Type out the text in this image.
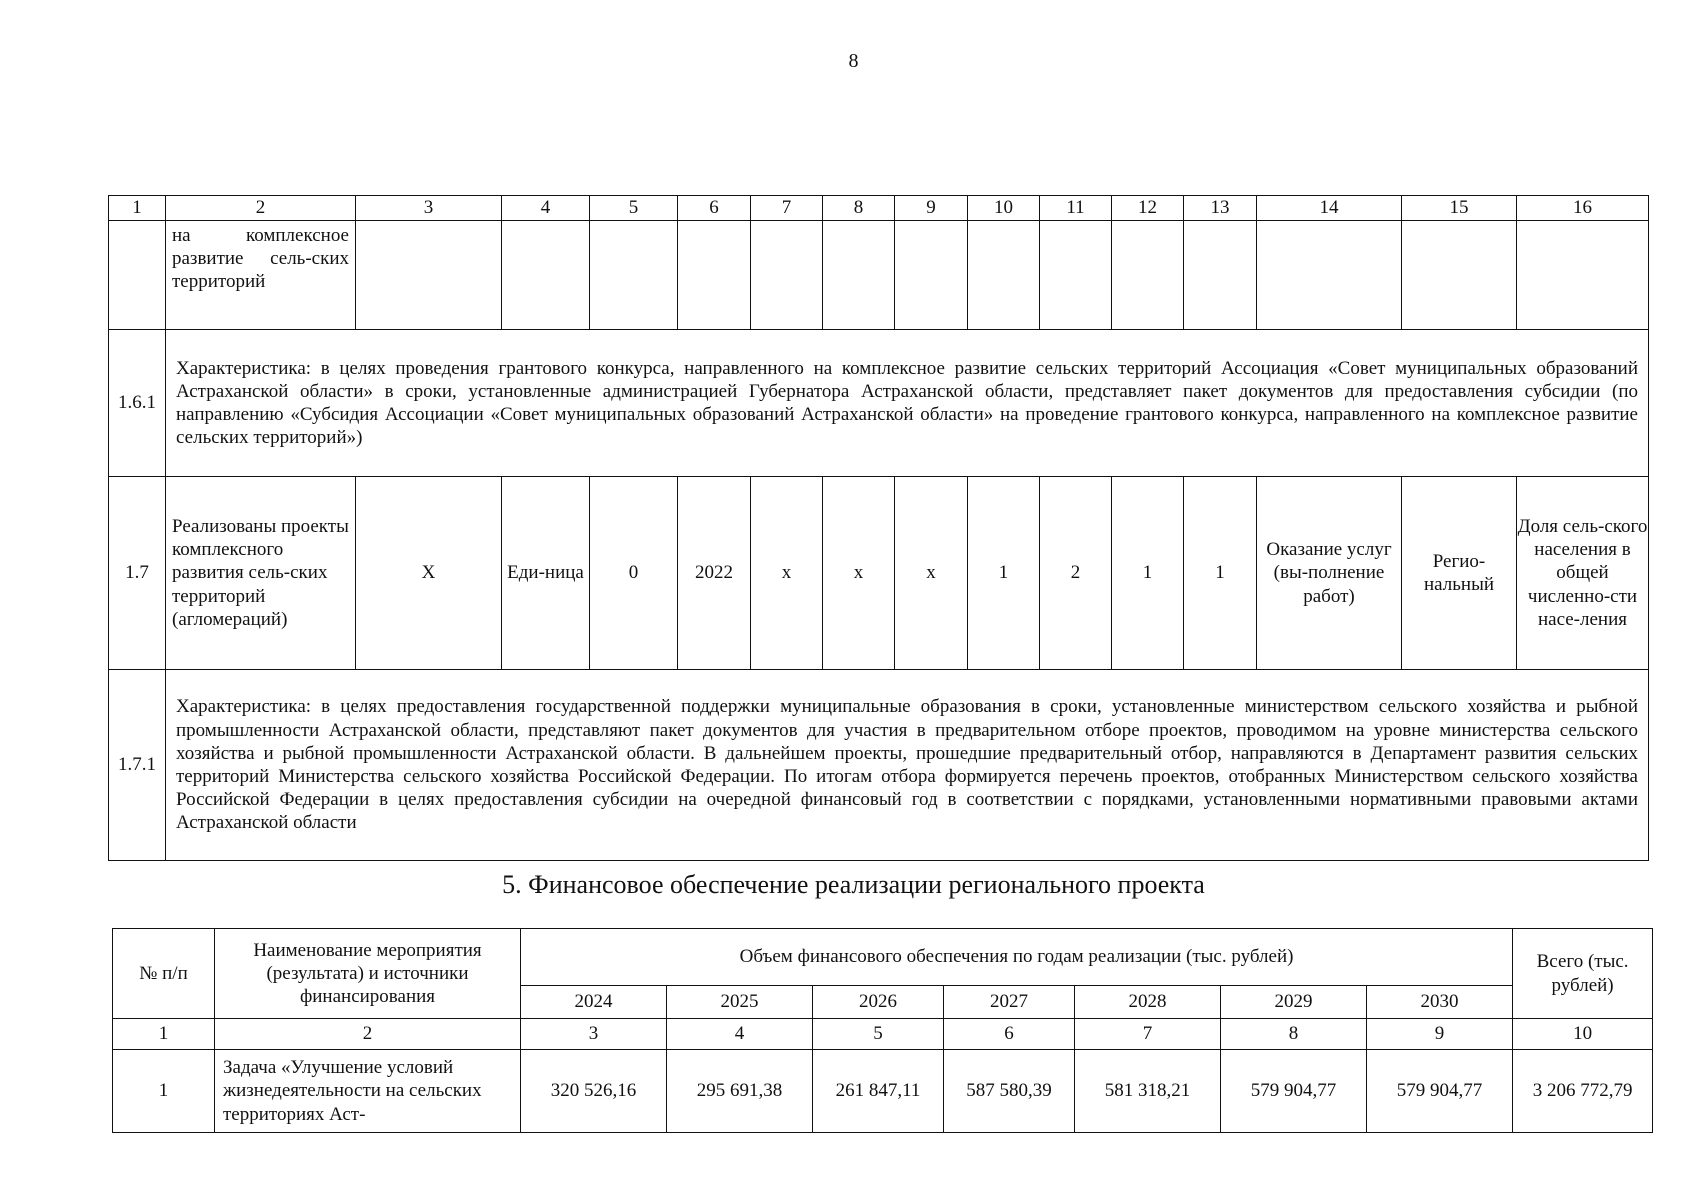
8
1	2	3	4	5	6	7	8	9	10	11	12	13	14	15	16
	на комплексное развитие сель-ских территорий														
1.6.1	Характеристика: в целях проведения грантового конкурса, направленного на комплексное развитие сельских территорий Ассоциация «Совет муниципальных образований Астраханской области» в сроки, установленные администрацией Губернатора Астраханской области, представляет пакет документов для предоставления субсидии (по направлению «Субсидия Ассоциации «Совет муниципальных образований Астраханской области» на проведение грантового конкурса, направленного на комплексное развитие сельских территорий»)														
1.7	Реализованы проекты комплексного развития сель-ских территорий (агломераций)	Х	Еди-ница	0	2022	х	х	х	1	2	1	1	Оказание услуг (вы-полнение работ)	Регио-нальный	Доля сель-ского населения в общей численно-сти насе-ления
1.7.1	Характеристика: в целях предоставления государственной поддержки муниципальные образования в сроки, установленные министерством сельского хозяйства и рыбной промышленности Астраханской области, представляют пакет документов для участия в предварительном отборе проектов, проводимом на уровне министерства сельского хозяйства и рыбной промышленности Астраханской области. В дальнейшем проекты, прошедшие предварительный отбор, направляются в Департамент развития сельских территорий Министерства сельского хозяйства Российской Федерации. По итогам отбора формируется перечень проектов, отобранных Министерством сельского хозяйства Российской Федерации в целях предоставления субсидии на очередной финансовый год в соответствии с порядками, установленными нормативными правовыми актами Астраханской области														
5. Финансовое обеспечение реализации регионального проекта
№ п/п	Наименование мероприятия (результата) и источники финансирования	Объем финансового обеспечения по годам реализации (тыс. рублей)							Всего (тыс. рублей)
		2024	2025	2026	2027	2028	2029	2030	
1	2	3	4	5	6	7	8	9	10
1	Задача «Улучшение условий жизнедеятельности на сельских территориях Аст-	320 526,16	295 691,38	261 847,11	587 580,39	581 318,21	579 904,77	579 904,77	3 206 772,79
